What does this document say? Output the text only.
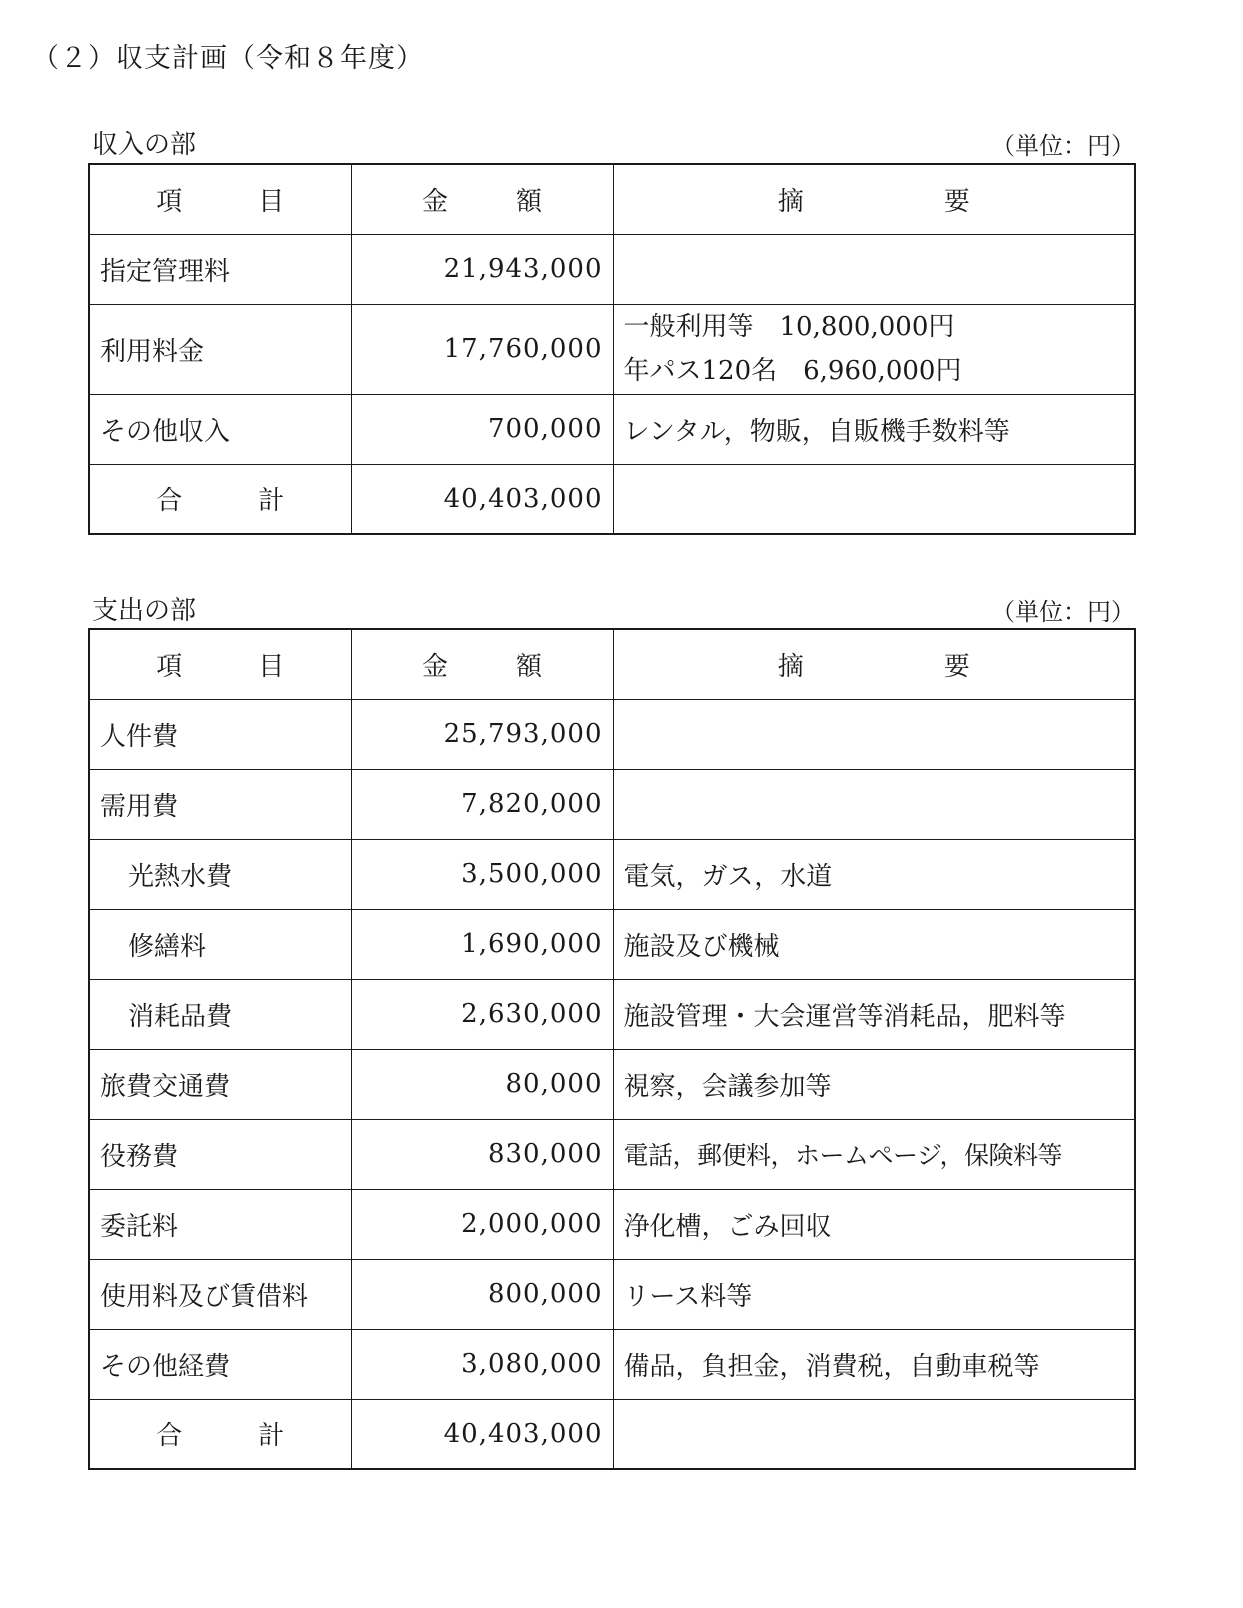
（２）収支計画（令和８年度）
収入の部	（単位：円）
項 目	金 額	摘 要
指定管理料	21,943,000	
利用料金	17,760,000	一般利用等　10,800,000円
年パス120名　6,960,000円

その他収入	700,000	レンタル，物販，自販機手数料等
合 計	40,403,000	
支出の部	（単位：円）
項 目	金 額	摘 要
人件費	25,793,000	
需用費	7,820,000	
光熱水費	3,500,000	電気，ガス，水道
修繕料	1,690,000	施設及び機械
消耗品費	2,630,000	施設管理・大会運営等消耗品，肥料等
旅費交通費	80,000	視察，会議参加等
役務費	830,000	電話，郵便料，ホームページ，保険料等
委託料	2,000,000	浄化槽，ごみ回収
使用料及び賃借料	800,000	リース料等
その他経費	3,080,000	備品，負担金，消費税，自動車税等
合 計	40,403,000	
